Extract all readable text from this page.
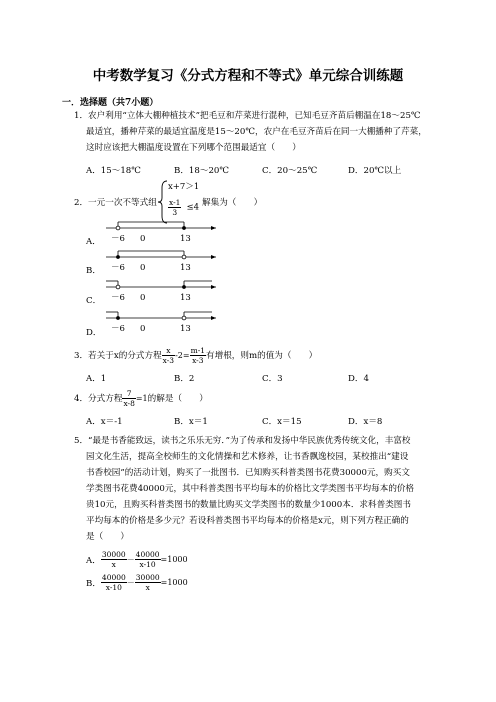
中考数学复习《分式方程和不等式》单元综合训练题
一．选择题（共7小题）
1．农户利用“立体大棚种植技术”把毛豆和芹菜进行混种，已知毛豆齐苗后棚温在18～25℃
最适宜，播种芹菜的最适宜温度是15～20℃，农户在毛豆齐苗后在同一大棚播种了芹菜，
这时应该把大棚温度设置在下列哪个范围最适宜（　　）
A．15～18℃	B．18～20℃	C．20～25℃	D．20℃以上
2．一元一次不等式组
x+7＞1
$\frac{x-1}{3} \le 4$ 解集为（　　）
A． －6 0	13
B． －6 0	13
C． －6 0	13
D． －6 0	13
3．若关于x的分式方程 $\frac{x}{x-3} -2= \frac{m-1}{x-3}$ 有增根，则m的值为（　　）
A．1	B．2	C．3	D．4
4．分式方程 $\frac{7}{x-8} =1$ 的解是（　　）
A．x＝-1	B．x＝1	C．x＝15	D．x＝8
5．“最是书香能致远，读书之乐乐无穷．”为了传承和发扬中华民族优秀传统文化，丰富校
园文化生活，提高全校师生的文化情操和艺术修养，让书香飘逸校园，某校推出“建设
书香校园”的活动计划，购买了一批图书．已知购买科普类图书花费30000元，购买文
学类图书花费40000元，其中科普类图书平均每本的价格比文学类图书平均每本的价格
贵10元，且购买科普类图书的数量比购买文学类图书的数量少1000本．求科普类图书
平均每本的价格是多少元？若设科普类图书平均每本的价格是x元，则下列方程正确的
是（　　）
A． $\frac{30000}{x} - \frac{40000}{x-10} =1000$
B． $\frac{40000}{x-10} - \frac{30000}{x} =1000$
